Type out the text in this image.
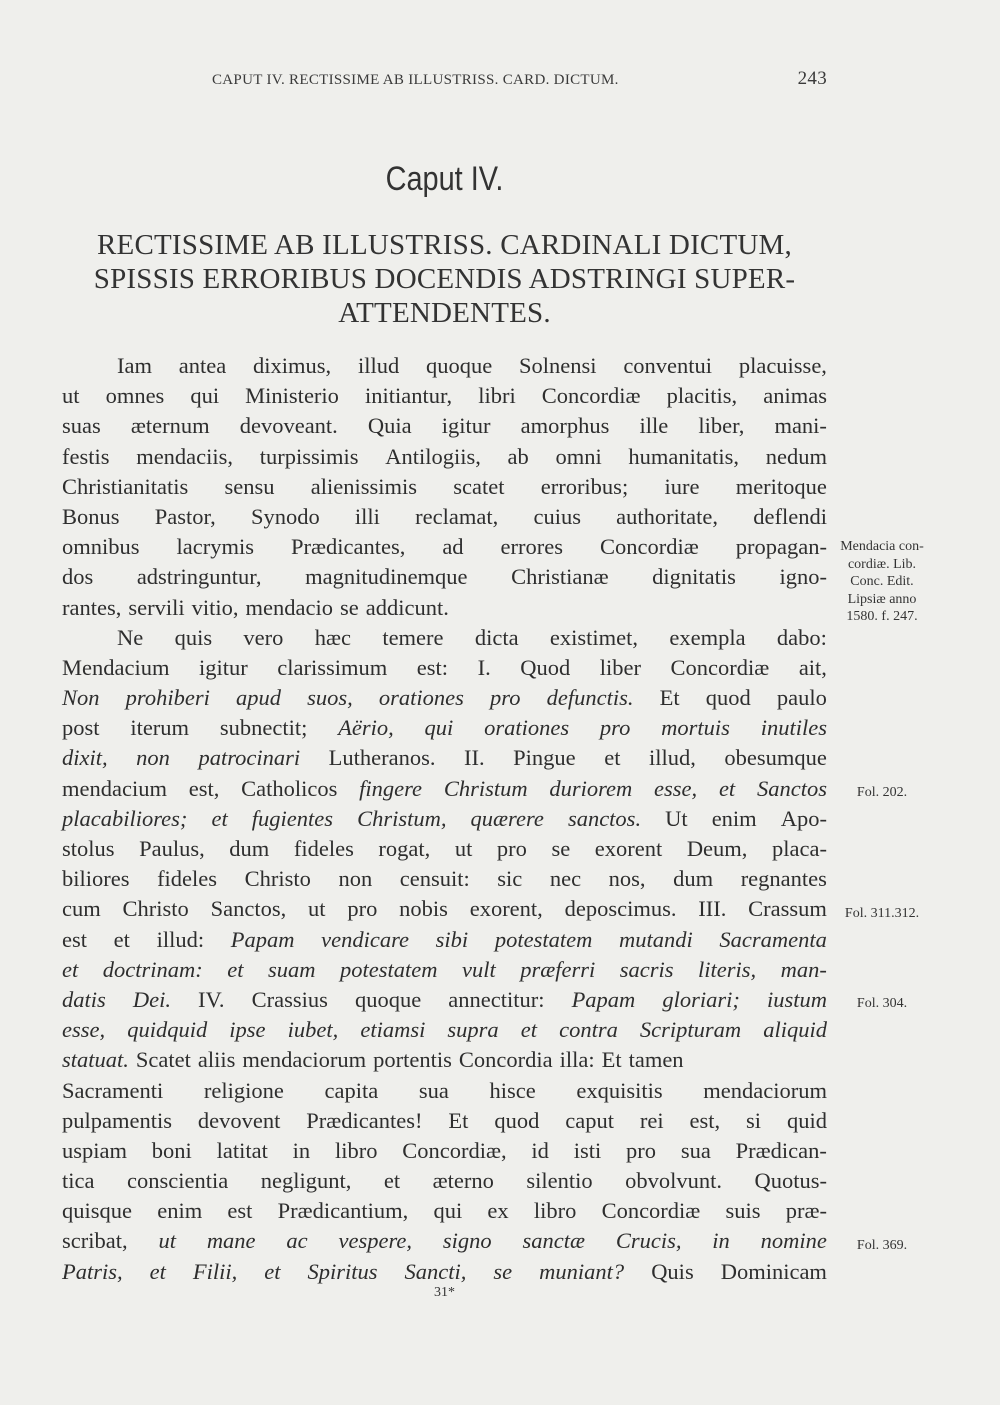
CAPUT IV. RECTISSIME AB ILLUSTRISS. CARD. DICTUM.	243
Caput IV.
RECTISSIME AB ILLUSTRISS. CARDINALI DICTUM,
SPISSIS ERRORIBUS DOCENDIS ADSTRINGI SUPER-
ATTENDENTES.
Iam antea diximus, illud quoque Solnensi conventui placuisse,
ut omnes qui Ministerio initiantur, libri Concordiæ placitis, animas
suas æternum devoveant. Quia igitur amorphus ille liber, mani-
festis mendaciis, turpissimis Antilogiis, ab omni humanitatis, nedum
Christianitatis sensu alienissimis scatet erroribus; iure meritoque
Bonus Pastor, Synodo illi reclamat, cuius authoritate, deflendi
omnibus lacrymis Prædicantes, ad errores Concordiæ propagan-
dos adstringuntur, magnitudinemque Christianæ dignitatis igno-
rantes, servili vitio, mendacio se addicunt.
Ne quis vero hæc temere dicta existimet, exempla dabo:
Mendacium igitur clarissimum est: I. Quod liber Concordiæ ait,
Non prohiberi apud suos, orationes pro defunctis. Et quod paulo
post iterum subnectit; Aërio, qui orationes pro mortuis inutiles
dixit, non patrocinari Lutheranos. II. Pingue et illud, obesumque
mendacium est, Catholicos fingere Christum duriorem esse, et Sanctos
placabiliores; et fugientes Christum, quærere sanctos. Ut enim Apo-
stolus Paulus, dum fideles rogat, ut pro se exorent Deum, placa-
biliores fideles Christo non censuit: sic nec nos, dum regnantes
cum Christo Sanctos, ut pro nobis exorent, deposcimus. III. Crassum
est et illud: Papam vendicare sibi potestatem mutandi Sacramenta
et doctrinam: et suam potestatem vult præferri sacris literis, man-
datis Dei. IV. Crassius quoque annectitur: Papam gloriari; iustum
esse, quidquid ipse iubet, etiamsi supra et contra Scripturam aliquid
statuat. Scatet aliis mendaciorum portentis Concordia illa: Et tamen
Sacramenti religione capita sua hisce exquisitis mendaciorum
pulpamentis devovent Prædicantes! Et quod caput rei est, si quid
uspiam boni latitat in libro Concordiæ, id isti pro sua Prædican-
tica conscientia negligunt, et æterno silentio obvolvunt. Quotus-
quisque enim est Prædicantium, qui ex libro Concordiæ suis præ-
scribat, ut mane ac vespere, signo sanctæ Crucis, in nomine
Patris, et Filii, et Spiritus Sancti, se muniant? Quis Dominicam
Mendacia con-
cordiæ. Lib.
Conc. Edit.
Lipsiæ anno
1580. f. 247.
Fol. 202.
Fol. 311.312.
Fol. 304.
Fol. 369.
31*
